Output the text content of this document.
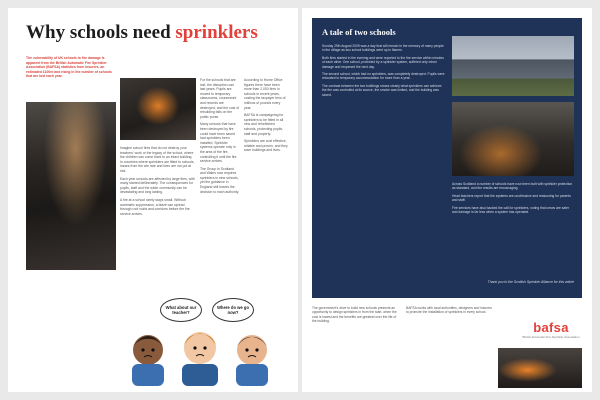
Why schools need sprinklers
The vulnerability of UK schools to fire damage is apparent from the British Automatic Fire Sprinkler Association (BAFSA) statistics from insurers, an estimated £100m and rising in the number of schools that are lost each year.

Imagine school fires that do not destroy your teachers' work or the legacy of the school, where the children can come back to an intact building. In countries where sprinklers are fitted to schools, losses from fire are rare and lives are not put at risk.

Each year schools are affected by large fires, with many started deliberately. The consequences for pupils, staff and the wider community can be devastating and long lasting.

A fire at a school rarely stays small. Without automatic suppression, a blaze can spread through roof voids and corridors before the fire service arrives.

For the schools that are lost, the disruption can last years. Pupils are moved to temporary classrooms, coursework and records are destroyed, and the cost of rebuilding falls on the public purse.

Many schools that have been destroyed by fire could have been saved had sprinklers been installed. Sprinkler systems operate only in the area of the fire, controlling it until the fire service arrives.

The Group in Scotland and Wales now requires sprinklers in new schools, yet the guidance in England still leaves the decision to each authority.

According to Home Office figures there have been more than 2,000 fires in schools in recent years, costing the taxpayer tens of millions of pounds every year.

BAFSA is campaigning for sprinklers to be fitted in all new and refurbished schools, protecting pupils, staff and property.

Sprinklers are cost effective, reliable and proven, and they save buildings and lives.

What about our teacher?
Where do we go now?
A tale of two schools

Sunday 29th August 2009 was a day that will remain in the memory of many people in the village as two school buildings went up in flames.

Both fires started in the evening and were reported to the fire service within minutes of each other. One school, protected by a sprinkler system, suffered only minor damage and reopened the next day.

The second school, which had no sprinklers, was completely destroyed. Pupils were relocated to temporary accommodation for more than a year.

The contrast between the two buildings shows clearly what sprinklers can achieve: the fire was controlled at its source, the smoke was limited, and the building was saved.

Across Scotland a number of schools have now been built with sprinkler protection as standard, and the results are encouraging.

Head teachers report that the systems are unobtrusive and reassuring for parents and staff.

Fire services have also backed the call for sprinklers, noting that crews are safer and damage is far less when a system has operated.

Thank you to the Scottish Sprinkler Alliance for this article
The government's drive to build new schools presents an opportunity to design sprinklers in from the start, when the cost is lowest and the benefits are greatest over the life of the building.
BAFSA works with local authorities, designers and insurers to promote the installation of sprinklers in every school.
bafsa
British Automatic Fire Sprinkler Association
